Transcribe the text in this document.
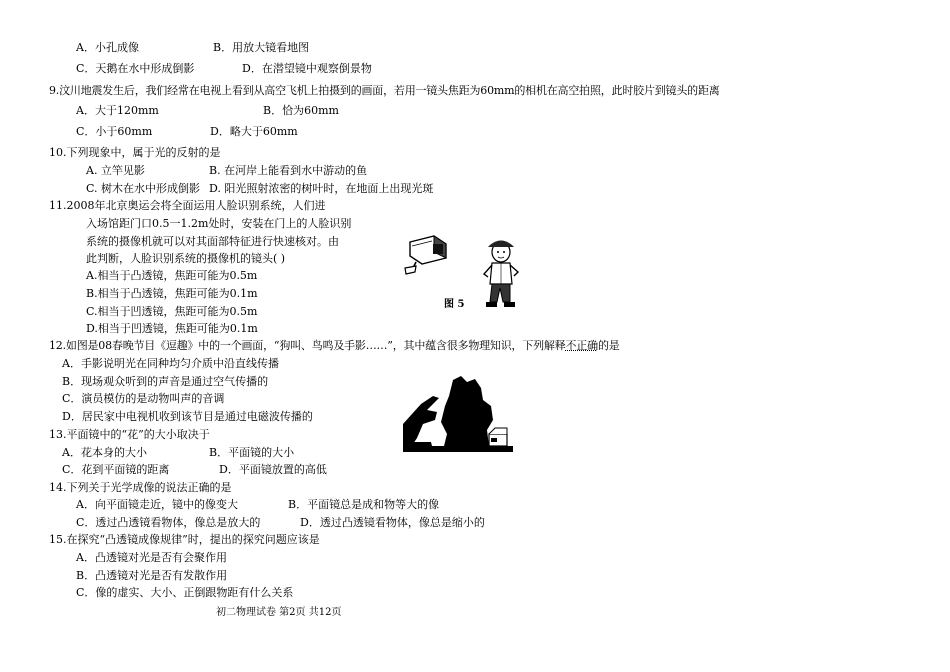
A．小孔成像	B．用放大镜看地图
C．天鹅在水中形成倒影	D．在潜望镜中观察倒景物
9.汶川地震发生后，我们经常在电视上看到从高空飞机上拍摄到的画面，若用一镜头焦距为60mm的相机在高空拍照，此时胶片到镜头的距离
A．大于120mm	B．恰为60mm
C．小于60mm	D．略大于60mm
10.下列现象中，属于光的反射的是
A. 立竿见影	B. 在河岸上能看到水中游动的鱼
C. 树木在水中形成倒影 D. 阳光照射浓密的树叶时，在地面上出现光斑
11.2008年北京奥运会将全面运用人脸识别系统，人们进
入场馆距门口0.5一1.2m处时，安装在门上的人脸识别
系统的摄像机就可以对其面部特征进行快速核对。由
此判断，人脸识别系统的摄像机的镜头( )
A.相当于凸透镜，焦距可能为0.5m
B.相当于凸透镜，焦距可能为0.1m
C.相当于凹透镜，焦距可能为0.5m
D.相当于凹透镜，焦距可能为0.1m
图 5
12.如图是08春晚节目《逗趣》中的一个画面，“狗叫、鸟鸣及手影……”，其中蕴含很多物理知识，下列解释不正确的是
A．手影说明光在同种均匀介质中沿直线传播
B．现场观众听到的声音是通过空气传播的
C．演员模仿的是动物叫声的音调
D．居民家中电视机收到该节目是通过电磁波传播的
13.平面镜中的“花”的大小取决于
A．花本身的大小	B．平面镜的大小
C．花到平面镜的距离	D．平面镜放置的高低
14.下列关于光学成像的说法正确的是
A．向平面镜走近，镜中的像变大	B．平面镜总是成和物等大的像
C．透过凸透镜看物体，像总是放大的	D．透过凸透镜看物体，像总是缩小的
15.在探究“凸透镜成像规律”时，提出的探究问题应该是
A．凸透镜对光是否有会聚作用
B．凸透镜对光是否有发散作用
C．像的虚实、大小、正倒跟物距有什么关系
初二物理试卷 第2页 共12页
